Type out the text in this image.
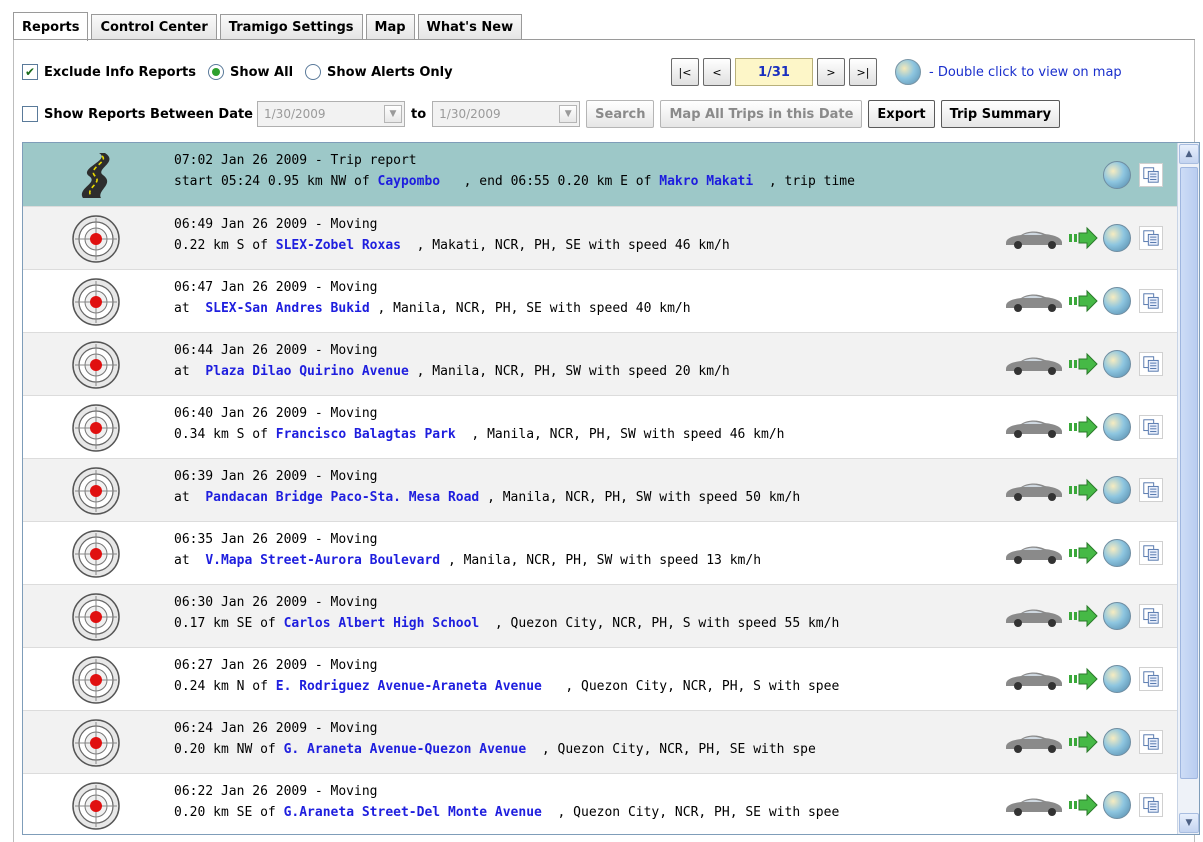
Reports	Control Center	Tramigo Settings	Map	What's New
✔ Exclude Info Reports	Show All	Show Alerts Only	|<	<	1/31	>	>|	- Double click to view on map
Show Reports Between Date 1/30/2009	▼	to 1/30/2009	▼	Search	Map All Trips in this Date	Export	Trip Summary
07:02 Jan 26 2009 - Trip report
start 05:24 0.95 km NW of Caypombo   , end 06:55 0.20 km E of Makro Makati  , trip time
06:49 Jan 26 2009 - Moving
0.22 km S of SLEX-Zobel Roxas  , Makati, NCR, PH, SE with speed 46 km/h
06:47 Jan 26 2009 - Moving
at  SLEX-San Andres Bukid , Manila, NCR, PH, SE with speed 40 km/h
06:44 Jan 26 2009 - Moving
at  Plaza Dilao Quirino Avenue , Manila, NCR, PH, SW with speed 20 km/h
06:40 Jan 26 2009 - Moving
0.34 km S of Francisco Balagtas Park  , Manila, NCR, PH, SW with speed 46 km/h
06:39 Jan 26 2009 - Moving
at  Pandacan Bridge Paco-Sta. Mesa Road , Manila, NCR, PH, SW with speed 50 km/h
06:35 Jan 26 2009 - Moving
at  V.Mapa Street-Aurora Boulevard , Manila, NCR, PH, SW with speed 13 km/h
06:30 Jan 26 2009 - Moving
0.17 km SE of Carlos Albert High School  , Quezon City, NCR, PH, S with speed 55 km/h
06:27 Jan 26 2009 - Moving
0.24 km N of E. Rodriguez Avenue-Araneta Avenue   , Quezon City, NCR, PH, S with spee
06:24 Jan 26 2009 - Moving
0.20 km NW of G. Araneta Avenue-Quezon Avenue  , Quezon City, NCR, PH, SE with spe
06:22 Jan 26 2009 - Moving
0.20 km SE of G.Araneta Street-Del Monte Avenue  , Quezon City, NCR, PH, SE with spee
▲
▼
